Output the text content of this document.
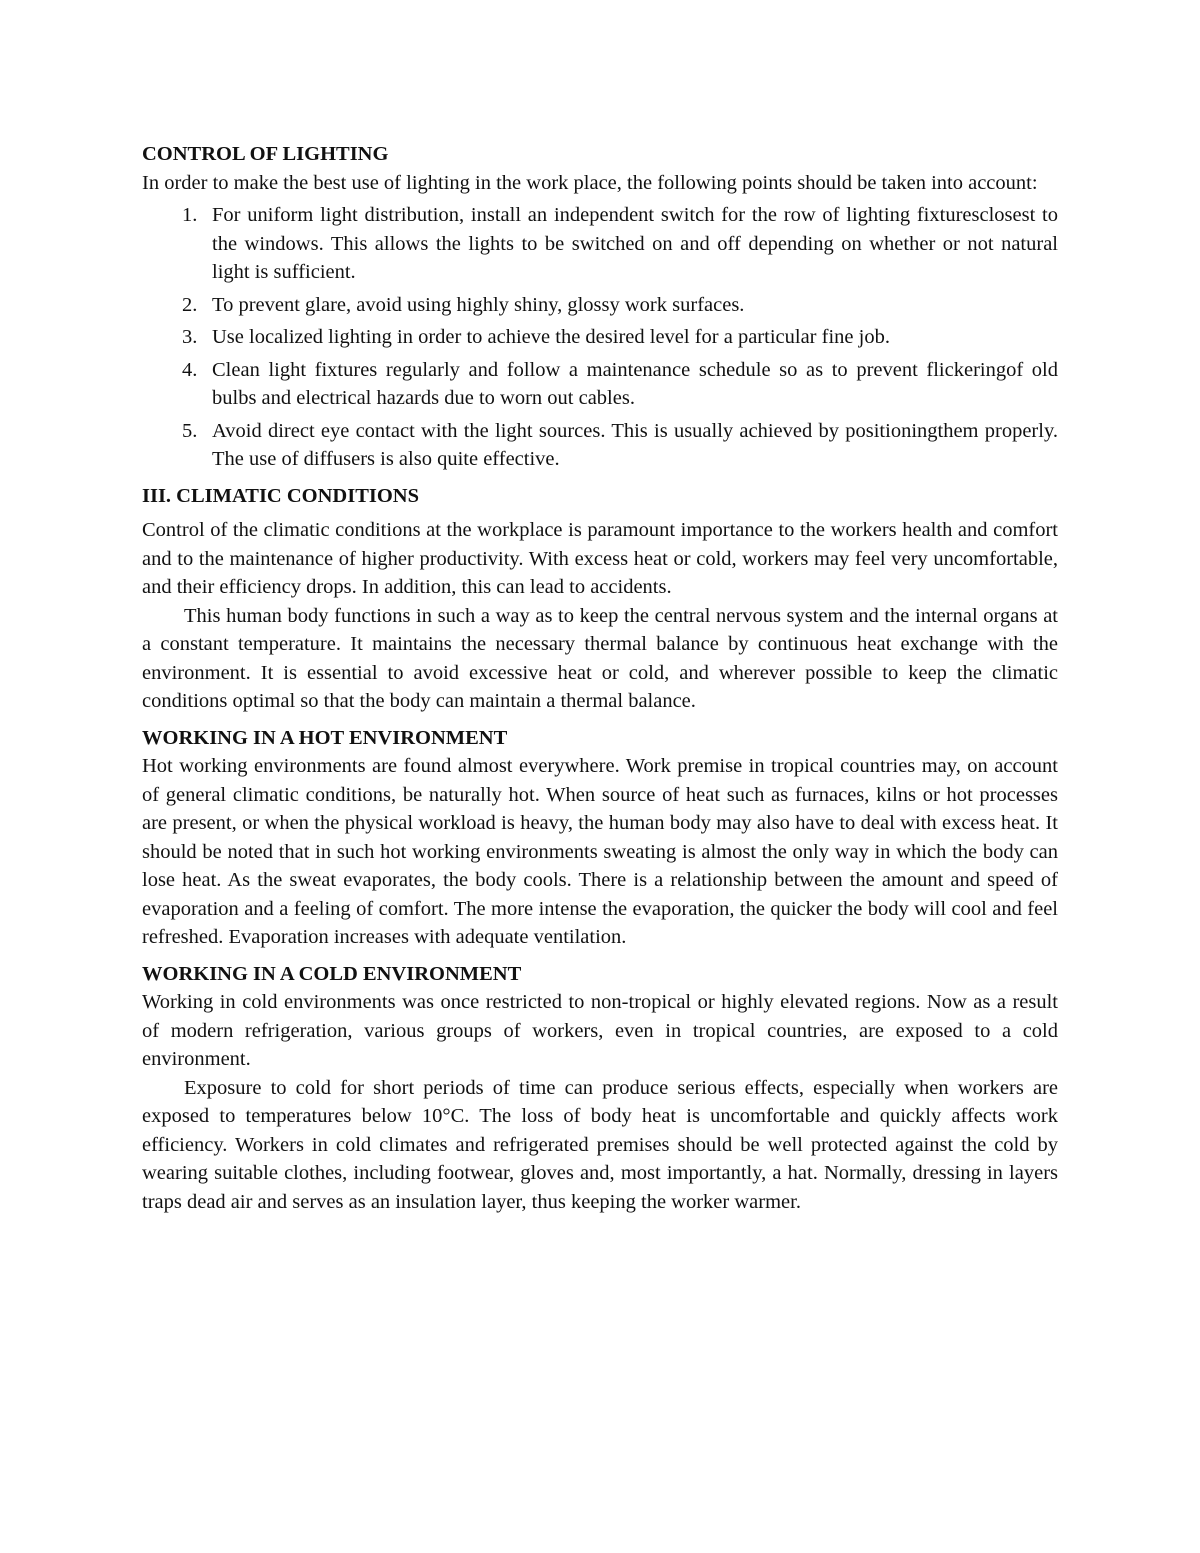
CONTROL OF LIGHTING

In order to make the best use of lighting in the work place, the following points should be taken into account:

1. For uniform light distribution, install an independent switch for the row of lighting fixturesclosest to the windows. This allows the lights to be switched on and off depending on whether or not natural light is sufficient.
2. To prevent glare, avoid using highly shiny, glossy work surfaces.
3. Use localized lighting in order to achieve the desired level for a particular fine job.
4. Clean light fixtures regularly and follow a maintenance schedule so as to prevent flickeringof old bulbs and electrical hazards due to worn out cables.
5. Avoid direct eye contact with the light sources. This is usually achieved by positioningthem properly. The use of diffusers is also quite effective.

III. CLIMATIC CONDITIONS

Control of the climatic conditions at the workplace is paramount importance to the workers health and comfort and to the maintenance of higher productivity. With excess heat or cold, workers may feel very uncomfortable, and their efficiency drops. In addition, this can lead to accidents.

This human body functions in such a way as to keep the central nervous system and the internal organs at a constant temperature. It maintains the necessary thermal balance by continuous heat exchange with the environment. It is essential to avoid excessive heat or cold, and wherever possible to keep the climatic conditions optimal so that the body can maintain a thermal balance.

WORKING IN A HOT ENVIRONMENT

Hot working environments are found almost everywhere. Work premise in tropical countries may, on account of general climatic conditions, be naturally hot. When source of heat such as furnaces, kilns or hot processes are present, or when the physical workload is heavy, the human body may also have to deal with excess heat. It should be noted that in such hot working environments sweating is almost the only way in which the body can lose heat. As the sweat evaporates, the body cools. There is a relationship between the amount and speed of evaporation and a feeling of comfort. The more intense the evaporation, the quicker the body will cool and feel refreshed. Evaporation increases with adequate ventilation.

WORKING IN A COLD ENVIRONMENT

Working in cold environments was once restricted to non-tropical or highly elevated regions. Now as a result of modern refrigeration, various groups of workers, even in tropical countries, are exposed to a cold environment.

Exposure to cold for short periods of time can produce serious effects, especially when workers are exposed to temperatures below 10°C. The loss of body heat is uncomfortable and quickly affects work efficiency. Workers in cold climates and refrigerated premises should be well protected against the cold by wearing suitable clothes, including footwear, gloves and, most importantly, a hat. Normally, dressing in layers traps dead air and serves as an insulation layer, thus keeping the worker warmer.
